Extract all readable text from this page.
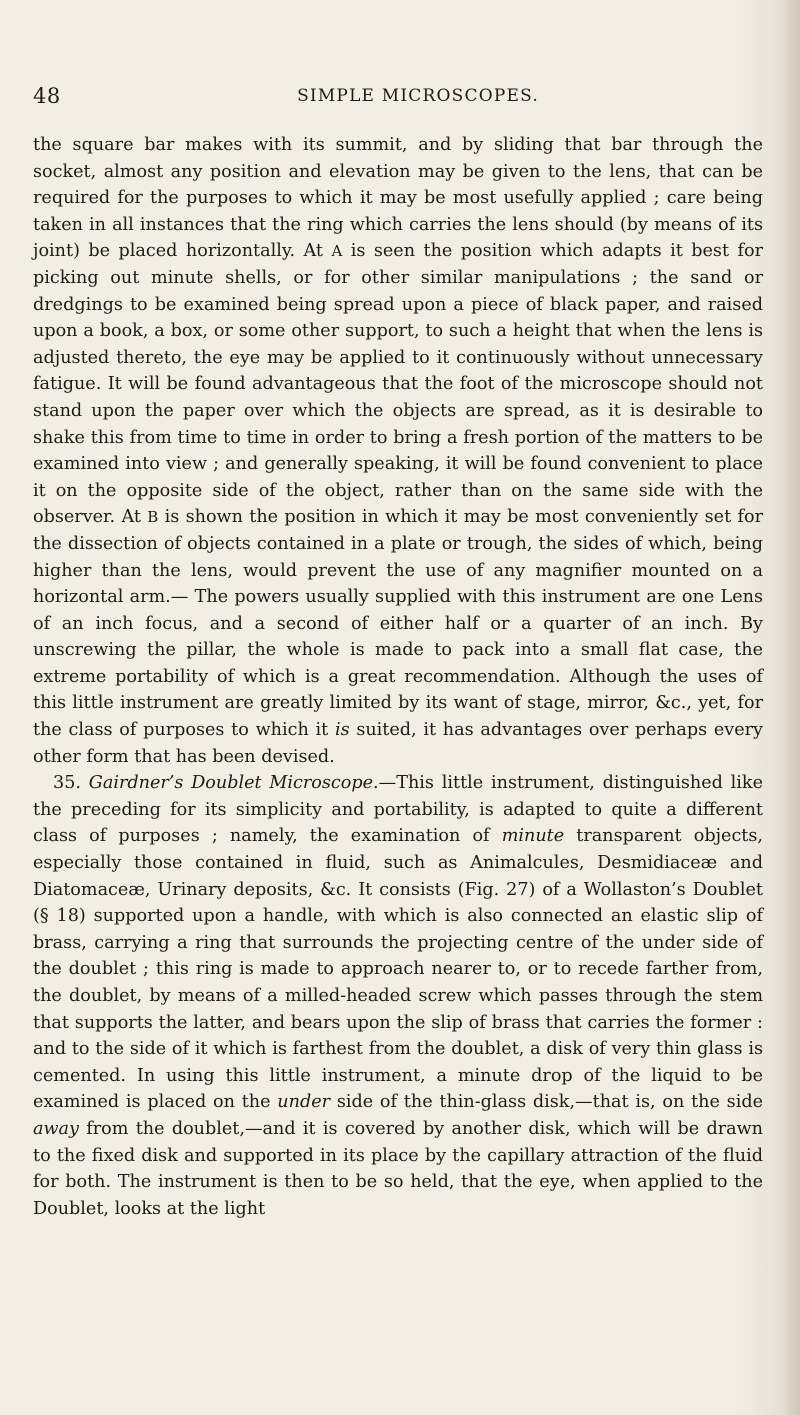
48	SIMPLE MICROSCOPES.

the square bar makes with its summit, and by sliding that bar through the socket, almost any position and elevation may be given to the lens, that can be required for the purposes to which it may be most usefully applied ; care being taken in all instances that the ring which carries the lens should (by means of its joint) be placed horizontally. At A is seen the position which adapts it best for picking out minute shells, or for other similar manipulations ; the sand or dredgings to be examined being spread upon a piece of black paper, and raised upon a book, a box, or some other support, to such a height that when the lens is adjusted thereto, the eye may be applied to it continuously without unnecessary fatigue. It will be found advantageous that the foot of the microscope should not stand upon the paper over which the objects are spread, as it is desirable to shake this from time to time in order to bring a fresh portion of the matters to be examined into view ; and generally speaking, it will be found convenient to place it on the opposite side of the object, rather than on the same side with the observer. At B is shown the position in which it may be most conveniently set for the dissection of objects contained in a plate or trough, the sides of which, being higher than the lens, would prevent the use of any magnifier mounted on a horizontal arm.— The powers usually supplied with this instrument are one Lens of an inch focus, and a second of either half or a quarter of an inch. By unscrewing the pillar, the whole is made to pack into a small flat case, the extreme portability of which is a great recommendation. Although the uses of this little instrument are greatly limited by its want of stage, mirror, &c., yet, for the class of purposes to which it is suited, it has advantages over perhaps every other form that has been devised.

35. Gairdner’s Doublet Microscope.—This little instrument, distinguished like the preceding for its simplicity and portability, is adapted to quite a different class of purposes ; namely, the examination of minute transparent objects, especially those contained in fluid, such as Animalcules, Desmidiaceæ and Diatomaceæ, Urinary deposits, &c. It consists (Fig. 27) of a Wollaston’s Doublet (§ 18) supported upon a handle, with which is also connected an elastic slip of brass, carrying a ring that surrounds the projecting centre of the under side of the doublet ; this ring is made to approach nearer to, or to recede farther from, the doublet, by means of a milled-headed screw which passes through the stem that supports the latter, and bears upon the slip of brass that carries the former : and to the side of it which is farthest from the doublet, a disk of very thin glass is cemented. In using this little instrument, a minute drop of the liquid to be examined is placed on the under side of the thin-glass disk,—that is, on the side away from the doublet,—and it is covered by another disk, which will be drawn to the fixed disk and supported in its place by the capillary attraction of the fluid for both. The instrument is then to be so held, that the eye, when applied to the Doublet, looks at the light
